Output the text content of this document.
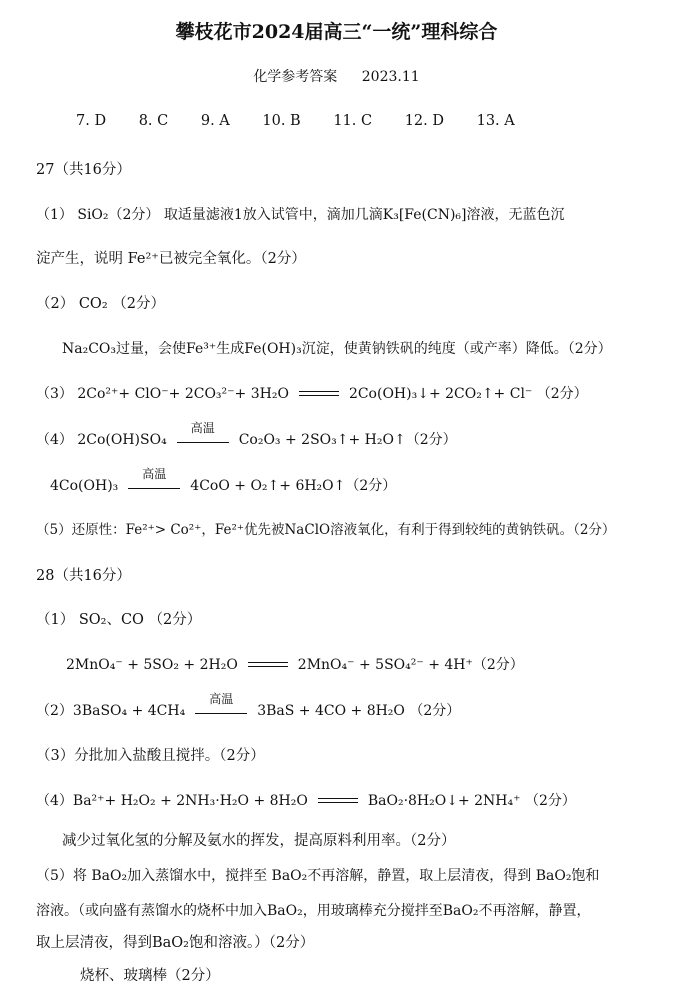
攀枝花市2024届高三“一统”理科综合
化学参考答案 2023.11
7. D 8. C 9. A 10. B 11. C 12. D 13. A
27（共16分）
（1） SiO₂（2分） 取适量滤液1放入试管中，滴加几滴K₃[Fe(CN)₆]溶液，无蓝色沉
淀产生，说明 Fe²⁺已被完全氧化。（2分）
（2） CO₂ （2分）
Na₂CO₃过量，会使Fe³⁺生成Fe(OH)₃沉淀，使黄钠铁矾的纯度（或产率）降低。（2分）
（3） 2Co²⁺+ ClO⁻+ 2CO₃²⁻+ 3H₂O	2Co(OH)₃↓+ 2CO₂↑+ Cl⁻ （2分）
（4） 2Co(OH)SO₄
高温
Co₂O₃ + 2SO₃↑+ H₂O↑（2分）
4Co(OH)₃
高温
4CoO + O₂↑+ 6H₂O↑（2分）
（5）还原性：Fe²⁺> Co²⁺，Fe²⁺优先被NaClO溶液氧化，有利于得到较纯的黄钠铁矾。（2分）
28（共16分）
（1） SO₂、CO （2分）
2MnO₄⁻ + 5SO₂ + 2H₂O	2MnO₄⁻ + 5SO₄²⁻ + 4H⁺（2分）
（2）3BaSO₄ + 4CH₄
高温
3BaS + 4CO + 8H₂O （2分）
（3）分批加入盐酸且搅拌。（2分）
（4）Ba²⁺+ H₂O₂ + 2NH₃·H₂O + 8H₂O	BaO₂·8H₂O↓+ 2NH₄⁺ （2分）
减少过氧化氢的分解及氨水的挥发，提高原料利用率。（2分）
（5）将 BaO₂加入蒸馏水中，搅拌至 BaO₂不再溶解，静置，取上层清夜，得到 BaO₂饱和
溶液。（或向盛有蒸馏水的烧杯中加入BaO₂，用玻璃棒充分搅拌至BaO₂不再溶解，静置，
取上层清夜，得到BaO₂饱和溶液。）（2分）
烧杯、玻璃棒（2分）
